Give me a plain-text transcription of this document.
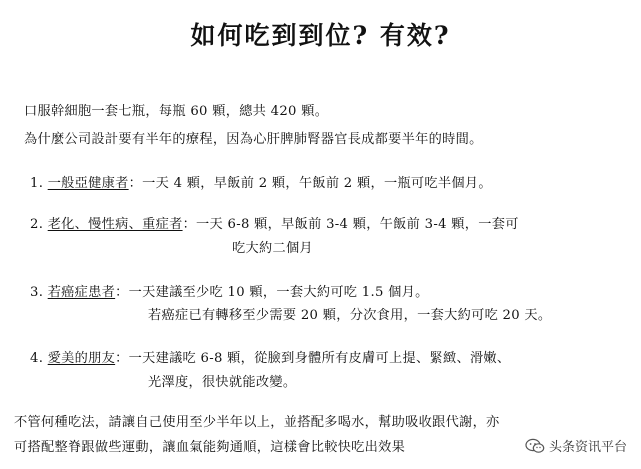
如何吃到到位? 有效?
口服幹細胞一套七瓶，每瓶 60 顆，總共 420 顆。
為什麼公司設計要有半年的療程，因為心肝脾肺腎器官長成都要半年的時間。
1. 一般亞健康者：一天 4 顆，早飯前 2 顆，午飯前 2 顆，一瓶可吃半個月。
2. 老化、慢性病、重症者：一天 6-8 顆，早飯前 3-4 顆，午飯前 3-4 顆，一套可
吃大約二個月
3. 若癌症患者：一天建議至少吃 10 顆，一套大約可吃 1.5 個月。
若癌症已有轉移至少需要 20 顆，分次食用，一套大約可吃 20 天。
4. 愛美的朋友：一天建議吃 6-8 顆，從臉到身體所有皮膚可上提、緊緻、滑嫩、
光澤度，很快就能改變。
不管何種吃法，請讓自己使用至少半年以上，並搭配多喝水，幫助吸收跟代謝，亦
可搭配整脊跟做些運動，讓血氣能夠通順，這樣會比較快吃出效果	头条资讯平台
